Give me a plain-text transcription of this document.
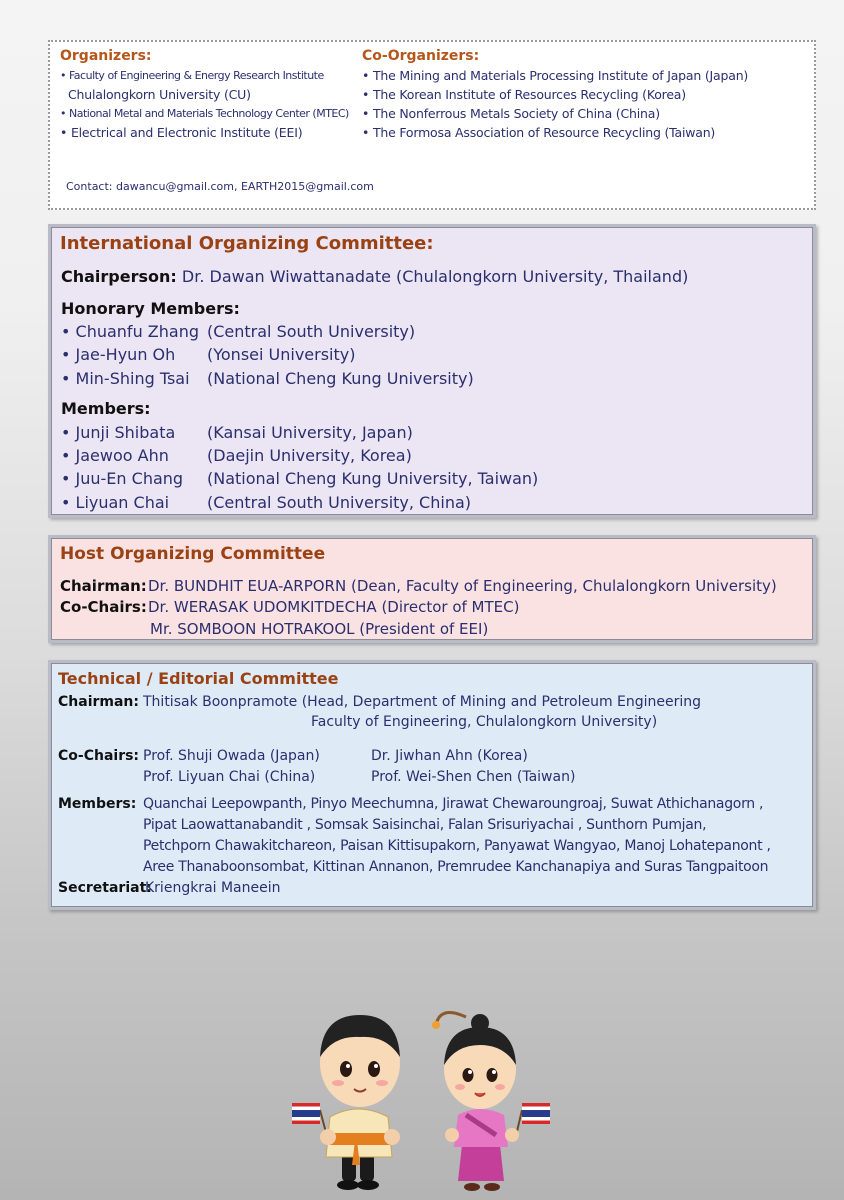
Organizers:
• Faculty of Engineering & Energy Research Institute
Chulalongkorn University (CU)
• National Metal and Materials Technology Center (MTEC)
• Electrical and Electronic Institute (EEI)
Co-Organizers:
• The Mining and Materials Processing Institute of Japan (Japan)
• The Korean Institute of Resources Recycling (Korea)
• The Nonferrous Metals Society of China (China)
• The Formosa Association of Resource Recycling (Taiwan)
Contact: dawancu@gmail.com, EARTH2015@gmail.com
International Organizing Committee:
Chairperson: Dr. Dawan Wiwattanadate (Chulalongkorn University, Thailand)
Honorary Members:
• Chuanfu Zhang (Central South University)
• Jae-Hyun Oh (Yonsei University)
• Min-Shing Tsai (National Cheng Kung University)
Members:
• Junji Shibata (Kansai University, Japan)
• Jaewoo Ahn (Daejin University, Korea)
• Juu-En Chang (National Cheng Kung University, Taiwan)
• Liyuan Chai (Central South University, China)
Host Organizing Committee
Chairman:Dr. BUNDHIT EUA-ARPORN (Dean, Faculty of Engineering, Chulalongkorn University)
Co-Chairs:Dr. WERASAK UDOMKITDECHA (Director of MTEC)
Mr. SOMBOON HOTRAKOOL (President of EEI)
Technical / Editorial Committee
Chairman: Thitisak Boonpramote (Head, Department of Mining and Petroleum Engineering
Faculty of Engineering, Chulalongkorn University)
Co-Chairs: Prof. Shuji Owada (Japan)	Dr. Jiwhan Ahn (Korea)
Prof. Liyuan Chai (China)	Prof. Wei-Shen Chen (Taiwan)
Members: Quanchai Leepowpanth, Pinyo Meechumna, Jirawat Chewaroungroaj, Suwat Athichanagorn ,
Pipat Laowattanabandit , Somsak Saisinchai, Falan Srisuriyachai , Sunthorn Pumjan,
Petchporn Chawakitchareon, Paisan Kittisupakorn, Panyawat Wangyao, Manoj Lohatepanont ,
Aree Thanaboonsombat, Kittinan Annanon, Premrudee Kanchanapiya and Suras Tangpaitoon
Secretariat:
Kriengkrai Maneein
